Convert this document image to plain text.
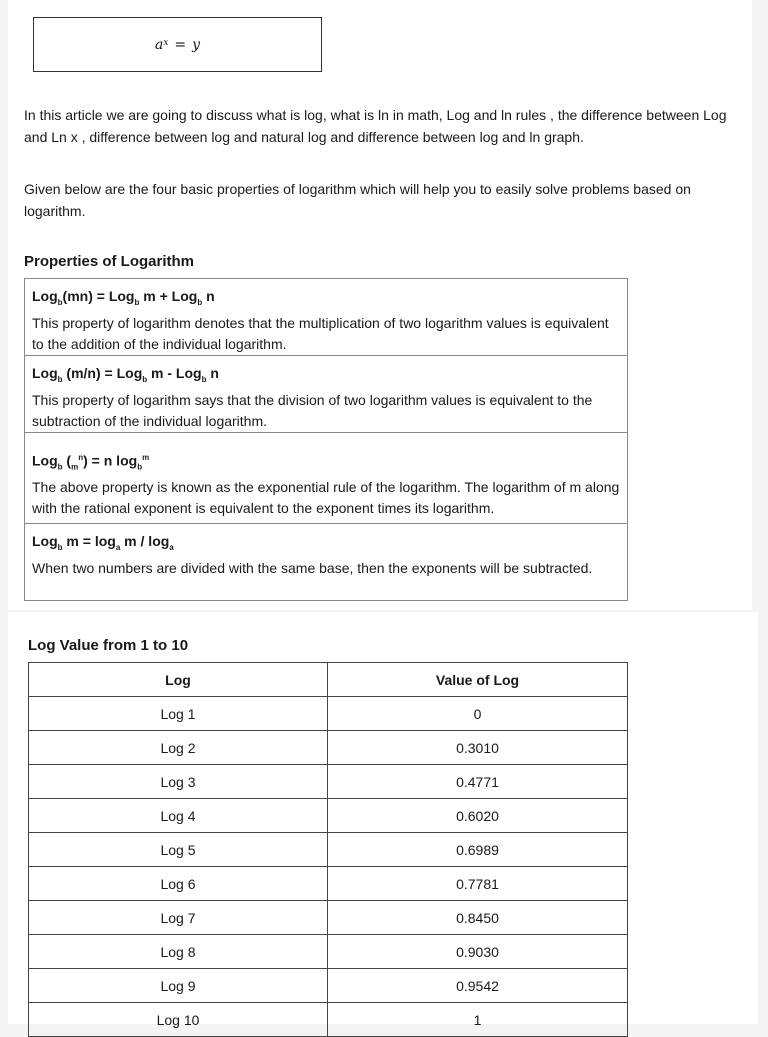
$a^x = y$

In this article we are going to discuss what is log, what is ln in math, Log and ln rules , the difference between Log and Ln x , difference between log and natural log and difference between log and ln graph.

Given below are the four basic properties of logarithm which will help you to easily solve problems based on logarithm.

Properties of Logarithm
Log$_b$(mn) = Log$_b$ m + Log$_b$ n
This property of logarithm denotes that the multiplication of two logarithm values is equivalent to the addition of the individual logarithm.
Log$_b$ (m/n) = Log$_b$ m - Log$_b$ n
This property of logarithm says that the division of two logarithm values is equivalent to the subtraction of the individual logarithm.
Log$_b$ $(_m^n) = n$ $\log_b^m$
The above property is known as the exponential rule of the logarithm. The logarithm of m along with the rational exponent is equivalent to the exponent times its logarithm.
Log$_b$ $m = \log_a m / \log_a$
When two numbers are divided with the same base, then the exponents will be subtracted.
Log Value from 1 to 10
Log	Value of Log
Log 1	0
Log 2	0.3010
Log 3	0.4771
Log 4	0.6020
Log 5	0.6989
Log 6	0.7781
Log 7	0.8450
Log 8	0.9030
Log 9	0.9542
Log 10	1
